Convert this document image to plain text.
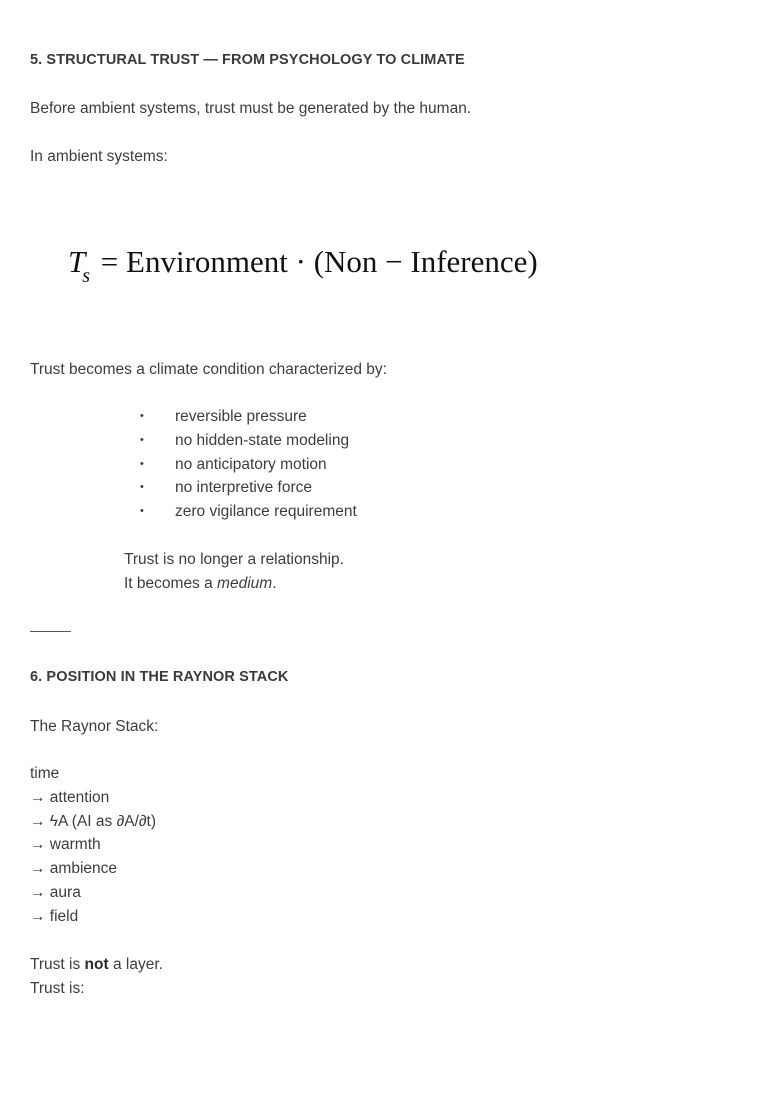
5. STRUCTURAL TRUST — FROM PSYCHOLOGY TO CLIMATE
Before ambient systems, trust must be generated by the human.
In ambient systems:
$T_s$ = Environment · (Non − Inference)
Trust becomes a climate condition characterized by:
• reversible pressure
• no hidden-state modeling
• no anticipatory motion
• no interpretive force
• zero vigilance requirement
Trust is no longer a relationship.
It becomes a medium.
6. POSITION IN THE RAYNOR STACK
The Raynor Stack:
time
→ attention
→ ϟA (AI as ∂A/∂t)
→ warmth
→ ambience
→ aura
→ field
Trust is not a layer.
Trust is:
